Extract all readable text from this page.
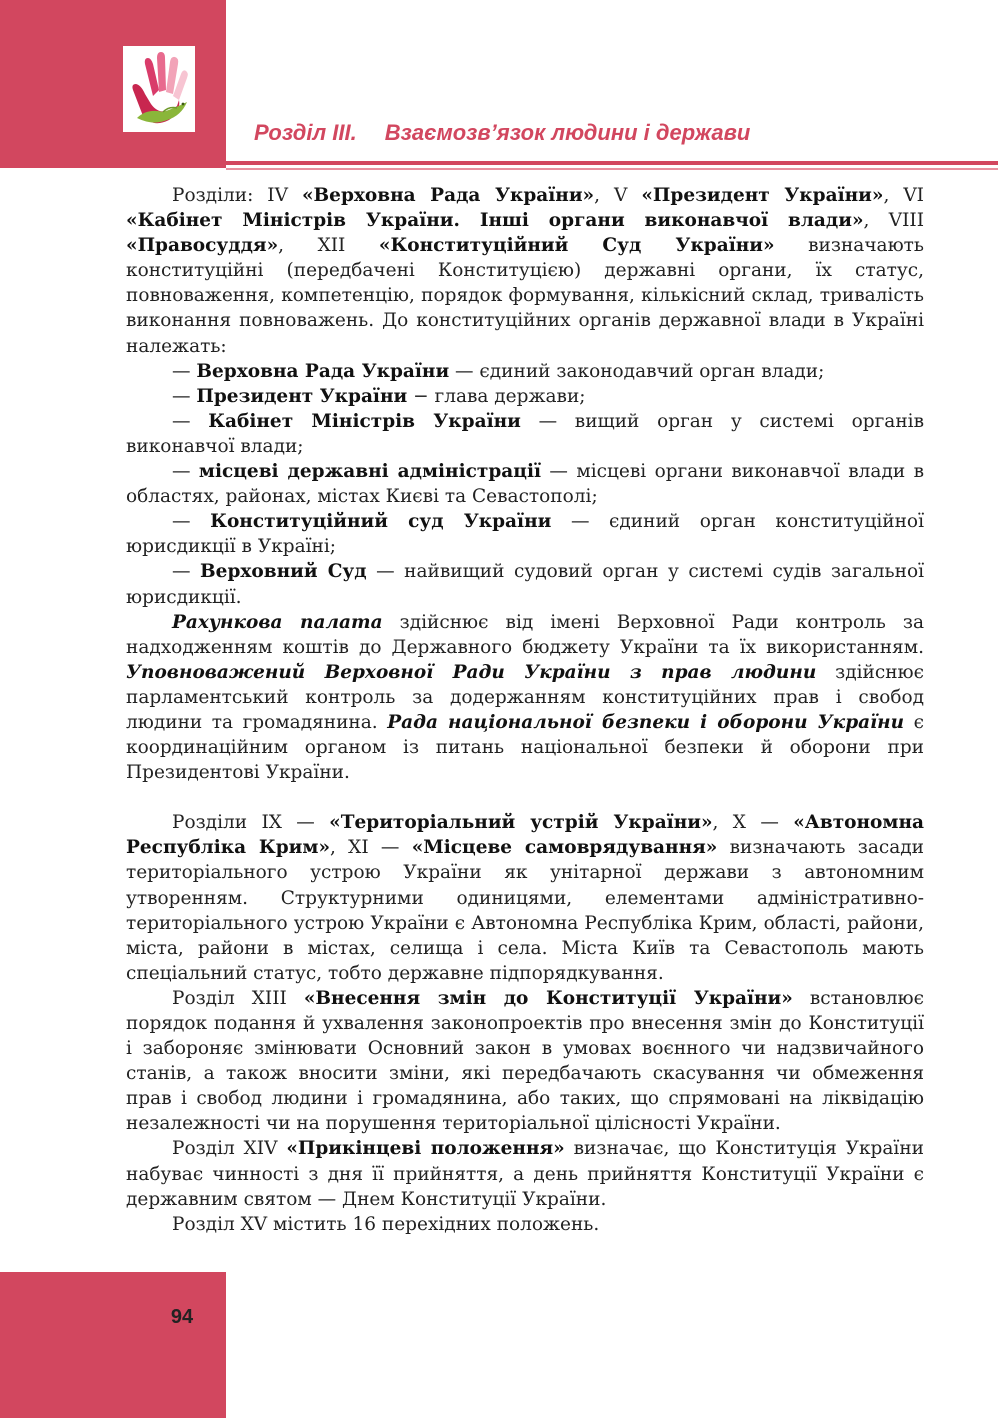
Розділ ІІІ. Взаємозв’язок людини і держави

Розділи: IV «Верховна Рада України», V «Президент України», VI «Кабінет Міністрів України. Інші органи виконавчої влади», VIII «Правосуддя», XII «Конституційний Суд України» визначають конституційні (передбачені Конституцією) державні органи, їх статус, повноваження, компетенцію, порядок формування, кількісний склад, тривалість виконання повноважень. До конституційних органів державної влади в Україні належать:

— Верховна Рада України — єдиний законодавчий орган влади;

— Президент України − глава держави;

— Кабінет Міністрів України — вищий орган у системі органів виконавчої влади;

— місцеві державні адміністрації — місцеві органи виконавчої влади в областях, районах, містах Києві та Севастополі;

— Конституційний суд України — єдиний орган конституційної юрисдикції в Україні;

— Верховний Суд — найвищий судовий орган у системі судів загальної юрисдикції.

Рахункова палата здійснює від імені Верховної Ради контроль за надходженням коштів до Державного бюджету України та їх використанням. Уповноважений Верховної Ради України з прав людини здійснює парламентський контроль за додержанням конституційних прав і свобод людини та громадянина. Рада національної безпеки і оборони України є координаційним органом із питань національної безпеки й оборони при Президентові України.

Розділи IX — «Територіальний устрій України», X — «Автономна Республіка Крим», XI — «Місцеве самоврядування» визначають засади територіального устрою України як унітарної держави з автономним утворенням. Структурними одиницями, елементами адміністративно-територіального устрою України є Автономна Республіка Крим, області, райони, міста, райони в містах, селища і села. Міста Київ та Севастополь мають спеціальний статус, тобто державне підпорядкування.

Розділ XIII «Внесення змін до Конституції України» встановлює порядок подання й ухвалення законопроектів про внесення змін до Конституції і забороняє змінювати Основний закон в умовах воєнного чи надзвичайного станів, а також вносити зміни, які передбачають скасування чи обмеження прав і свобод людини і громадянина, або таких, що спрямовані на ліквідацію незалежності чи на порушення територіальної цілісності України.

Розділ XIV «Прикінцеві положення» визначає, що Конституція України набуває чинності з дня її прийняття, а день прийняття Конституції України є державним святом — Днем Конституції України.

Розділ XV містить 16 перехідних положень.

94
